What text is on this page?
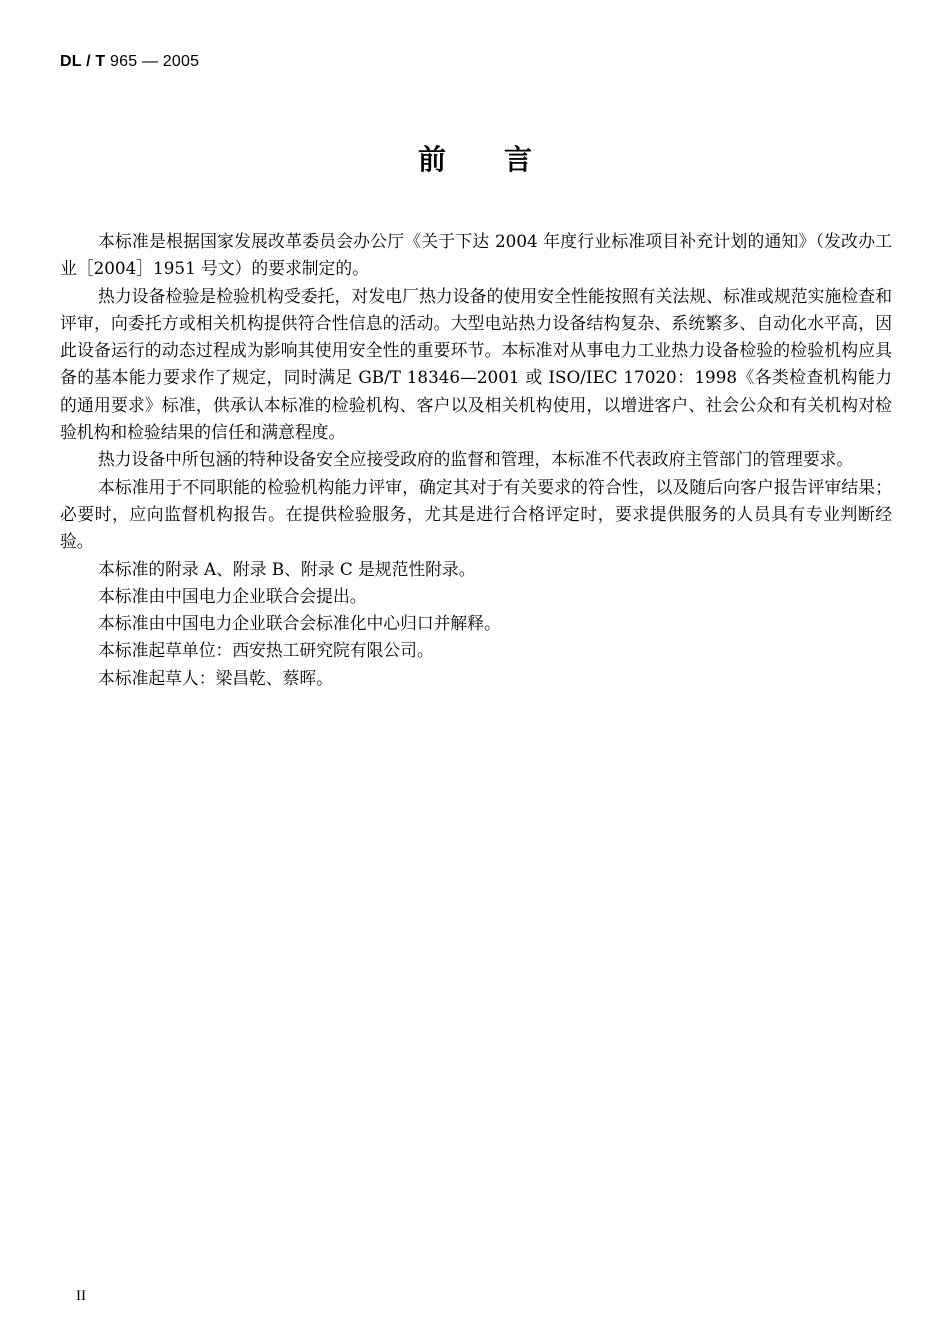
DL / T 965 — 2005
前言

本标准是根据国家发展改革委员会办公厅《关于下达 2004 年度行业标准项目补充计划的通知》（发改办工业［2004］1951 号文）的要求制定的。

热力设备检验是检验机构受委托，对发电厂热力设备的使用安全性能按照有关法规、标准或规范实施检查和评审，向委托方或相关机构提供符合性信息的活动。大型电站热力设备结构复杂、系统繁多、自动化水平高，因此设备运行的动态过程成为影响其使用安全性的重要环节。本标准对从事电力工业热力设备检验的检验机构应具备的基本能力要求作了规定，同时满足 GB/T 18346—2001 或 ISO/IEC 17020：1998《各类检查机构能力的通用要求》标准，供承认本标准的检验机构、客户以及相关机构使用，以增进客户、社会公众和有关机构对检验机构和检验结果的信任和满意程度。

热力设备中所包涵的特种设备安全应接受政府的监督和管理，本标准不代表政府主管部门的管理要求。

本标准用于不同职能的检验机构能力评审，确定其对于有关要求的符合性，以及随后向客户报告评审结果；必要时，应向监督机构报告。在提供检验服务，尤其是进行合格评定时，要求提供服务的人员具有专业判断经验。

本标准的附录 A、附录 B、附录 C 是规范性附录。

本标准由中国电力企业联合会提出。

本标准由中国电力企业联合会标准化中心归口并解释。

本标准起草单位：西安热工研究院有限公司。

本标准起草人：梁昌乾、蔡晖。

II
